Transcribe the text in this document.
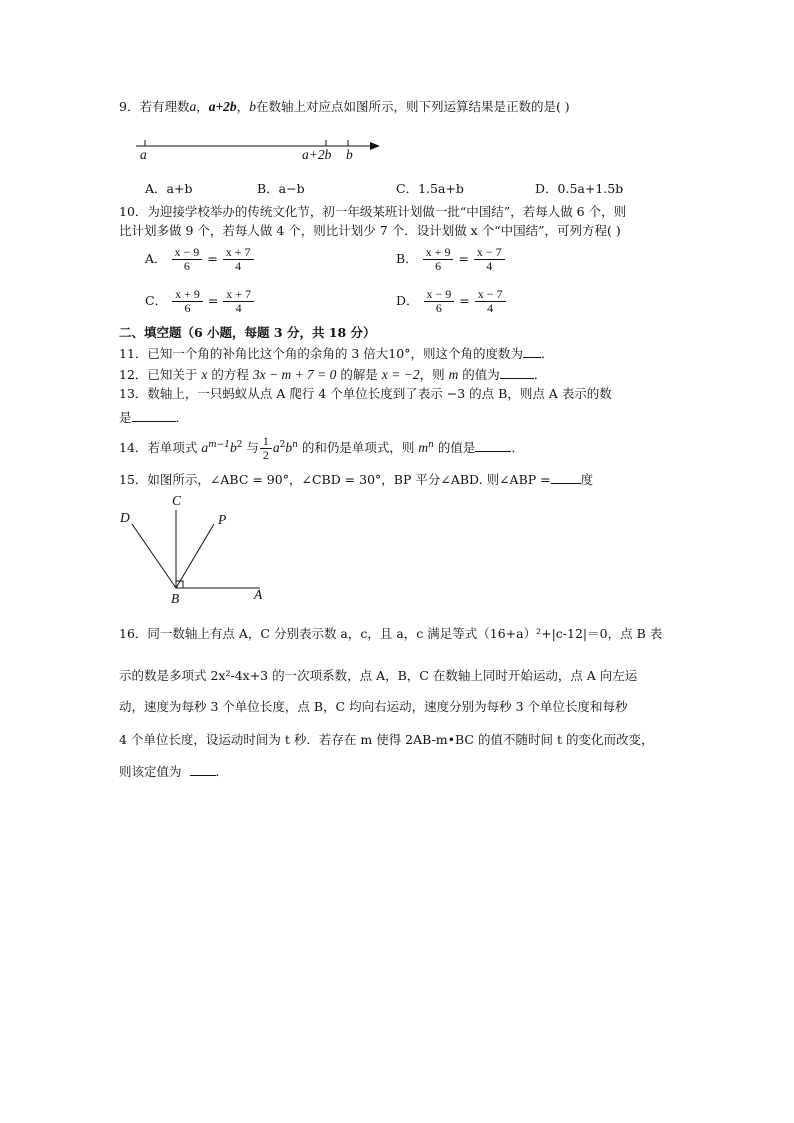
9．若有理数a，a+2b，b在数轴上对应点如图所示，则下列运算结果是正数的是( )
a	a+2b b
A．a+b	B．a−b	C．1.5a+b	D．0.5a+1.5b
10．为迎接学校举办的传统文化节，初一年级某班计划做一批“中国结”，若每人做 6 个，则
比计划多做 9 个，若每人做 4 个，则比计划少 7 个．设计划做 x 个“中国结”，可列方程( )
A． $\frac{x - 9}{6} = \frac{x + 7}{4}$	B． $\frac{x + 9}{6} = \frac{x - 7}{4}$
C． $\frac{x + 9}{6} = \frac{x + 7}{4}$	D． $\frac{x - 9}{6} = \frac{x - 7}{4}$
二、填空题（6 小题，每题 3 分，共 18 分）
11．已知一个角的补角比这个角的余角的 3 倍大10°，则这个角的度数为 ．
12．已知关于 x 的方程 3x − m + 7 = 0 的解是 x = −2，则 m 的值为	．
13．数轴上，一只蚂蚁从点 A 爬行 4 个单位长度到了表示 −3 的点 B，则点 A 表示的数
是	．
14．若单项式 $a^{m-1}b^2$ 与 $\frac{1}{2} a^2b^n$ 的和仍是单项式，则 $m^n$ 的值是	．
15．如图所示，∠ABC = 90°，∠CBD = 30°，BP 平分∠ABD. 则∠ABP = 度
C
D	P
B	A
16．同一数轴上有点 A，C 分别表示数 a，c，且 a，c 满足等式（16+a）²+|c-12|＝0，点 B 表
示的数是多项式 2x²-4x+3 的一次项系数，点 A，B，C 在数轴上同时开始运动，点 A 向左运
动，速度为每秒 3 个单位长度，点 B，C 均向右运动，速度分别为每秒 3 个单位长度和每秒
4 个单位长度，设运动时间为 t 秒．若存在 m 使得 2AB-m•BC 的值不随时间 t 的变化而改变，
则该定值为	．
